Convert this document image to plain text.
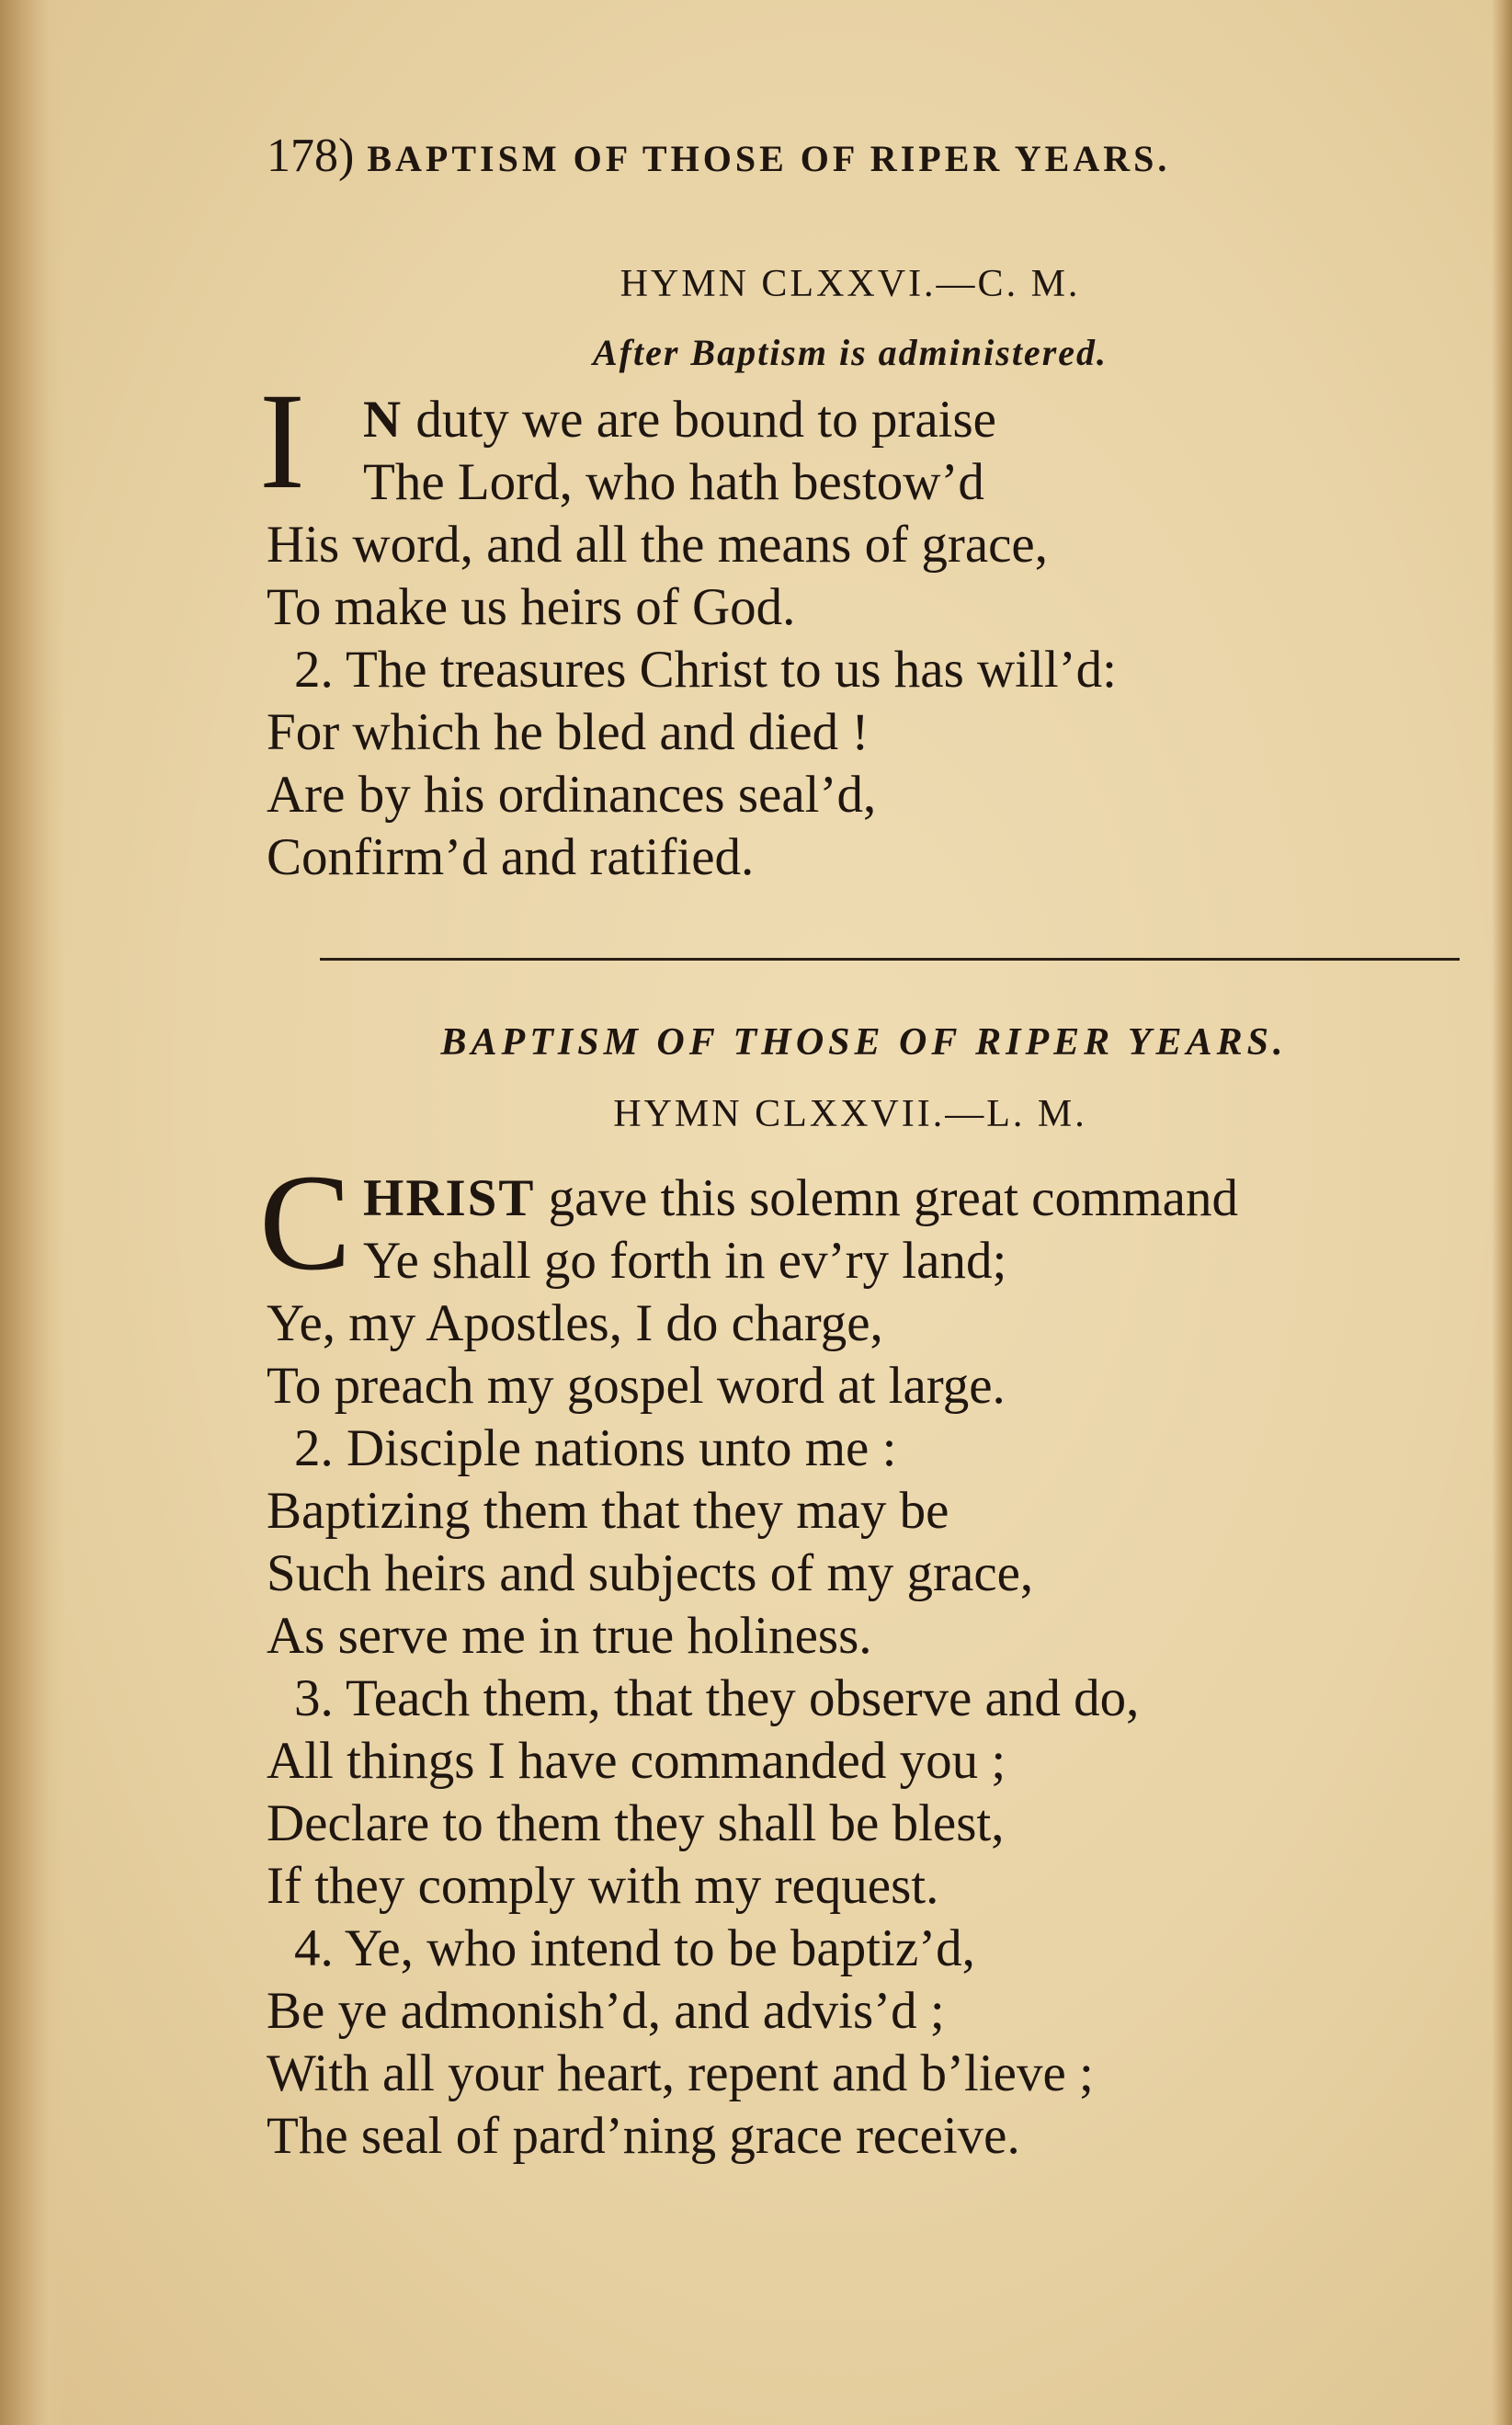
178) BAPTISM OF THOSE OF RIPER YEARS.
HYMN CLXXVI.—C. M.
After Baptism is administered.
I	N duty we are bound to praise
The Lord, who hath bestow’d
His word, and all the means of grace,
To make us heirs of God.
2. The treasures Christ to us has will’d:
For which he bled and died !
Are by his ordinances seal’d,
Confirm’d and ratified.
BAPTISM OF THOSE OF RIPER YEARS.
HYMN CLXXVII.—L. M.
C HRIST gave this solemn great command
Ye shall go forth in ev’ry land;
Ye, my Apostles, I do charge,
To preach my gospel word at large.
2. Disciple nations unto me :
Baptizing them that they may be
Such heirs and subjects of my grace,
As serve me in true holiness.
3. Teach them, that they observe and do,
All things I have commanded you ;
Declare to them they shall be blest,
If they comply with my request.
4. Ye, who intend to be baptiz’d,
Be ye admonish’d, and advis’d ;
With all your heart, repent and b’lieve ;
The seal of pard’ning grace receive.
